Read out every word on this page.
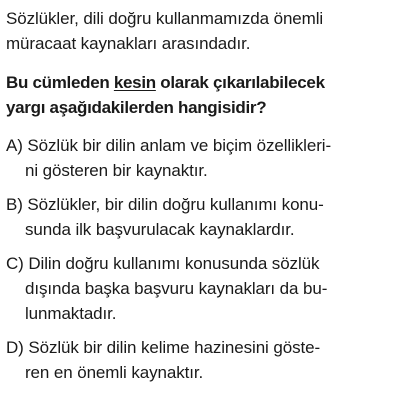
Sözlükler, dili doğru kullanmamızda önemli
müracaat kaynakları arasındadır.
Bu cümleden kesin olarak çıkarılabilecek
yargı aşağıdakilerden hangisidir?
A) Sözlük bir dilin anlam ve biçim özellikleri-
ni gösteren bir kaynaktır.
B) Sözlükler, bir dilin doğru kullanımı konu-
sunda ilk başvurulacak kaynaklardır.
C) Dilin doğru kullanımı konusunda sözlük
dışında başka başvuru kaynakları da bu-
lunmaktadır.
D) Sözlük bir dilin kelime hazinesini göste-
ren en önemli kaynaktır.
